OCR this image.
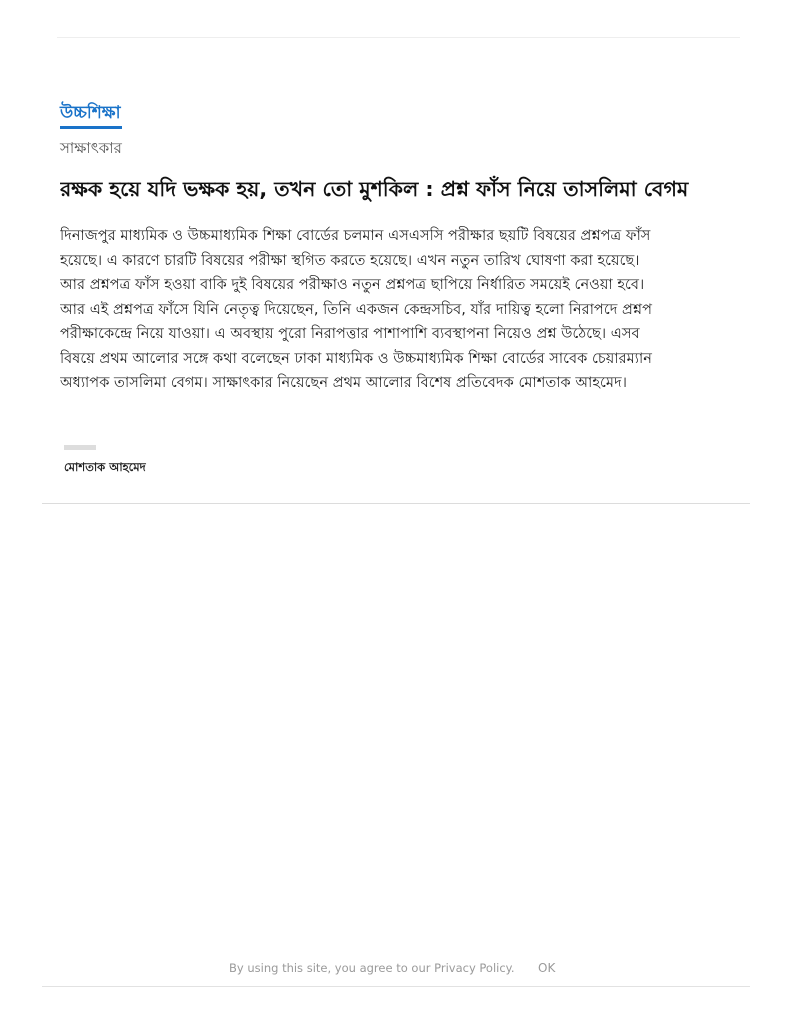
উচ্চশিক্ষা
সাক্ষাৎকার
রক্ষক হয়ে যদি ভক্ষক হয়, তখন তো মুশকিল : প্রশ্ন ফাঁস নিয়ে তাসলিমা বেগম

দিনাজপুর মাধ্যমিক ও উচ্চমাধ্যমিক শিক্ষা বোর্ডের চলমান এসএসসি পরীক্ষার ছয়টি বিষয়ের প্রশ্নপত্র ফাঁস
হয়েছে। এ কারণে চারটি বিষয়ের পরীক্ষা স্থগিত করতে হয়েছে। এখন নতুন তারিখ ঘোষণা করা হয়েছে।
আর প্রশ্নপত্র ফাঁস হওয়া বাকি দুই বিষয়ের পরীক্ষাও নতুন প্রশ্নপত্র ছাপিয়ে নির্ধারিত সময়েই নেওয়া হবে।
আর এই প্রশ্নপত্র ফাঁসে যিনি নেতৃত্ব দিয়েছেন, তিনি একজন কেন্দ্রসচিব, যাঁর দায়িত্ব হলো নিরাপদে প্রশ্নপ
পরীক্ষাকেন্দ্রে নিয়ে যাওয়া। এ অবস্থায় পুরো নিরাপত্তার পাশাপাশি ব্যবস্থাপনা নিয়েও প্রশ্ন উঠেছে। এসব
বিষয়ে প্রথম আলোর সঙ্গে কথা বলেছেন ঢাকা মাধ্যমিক ও উচ্চমাধ্যমিক শিক্ষা বোর্ডের সাবেক চেয়ারম্যান
অধ্যাপক তাসলিমা বেগম। সাক্ষাৎকার নিয়েছেন প্রথম আলোর বিশেষ প্রতিবেদক মোশতাক আহমেদ।

মোশতাক আহমেদ
By using this site, you agree to our Privacy Policy. OK
